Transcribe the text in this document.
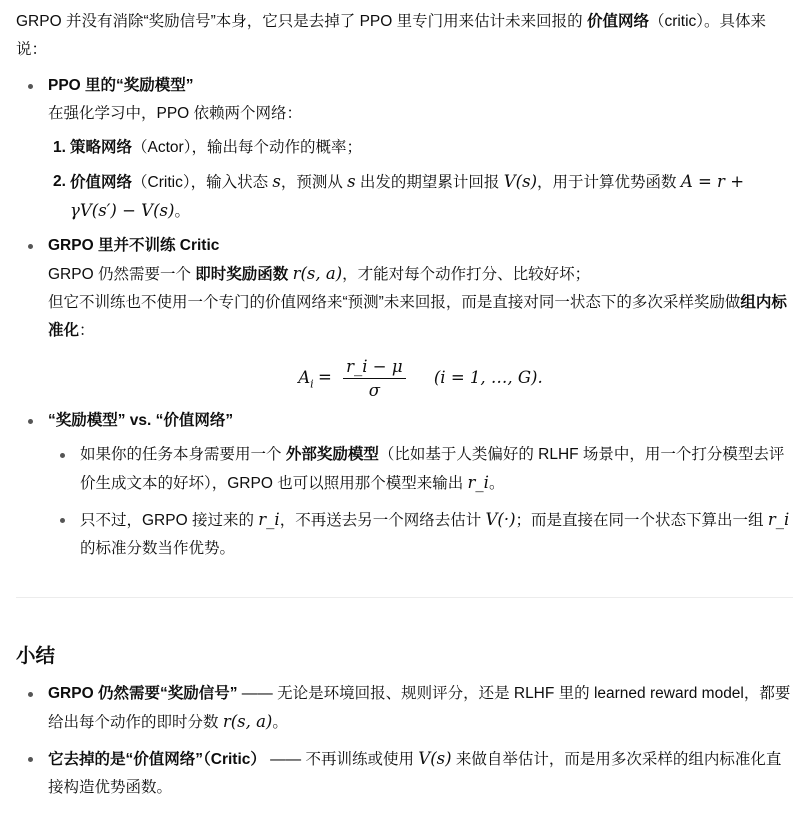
GRPO 并没有消除“奖励信号”本身，它只是去掉了 PPO 里专门用来估计未来回报的 价值网络（critic）。具体来说：

PPO 里的“奖励模型”
在强化学习中，PPO 依赖两个网络：
1. 策略网络（Actor），输出每个动作的概率；
2. 价值网络（Critic），输入状态 s，预测从 s 出发的期望累计回报 V(s)，用于计算优势函数 A = r + γV(s′) − V(s)。
GRPO 里并不训练 Critic
GRPO 仍然需要一个 即时奖励函数 r(s, a)，才能对每个动作打分、比较好坏；
但它不训练也不使用一个专门的价值网络来“预测”未来回报，而是直接对同一状态下的多次采样奖励做组内标准化：
$A_i = \frac{r\_i - \mu}{\sigma} (i = 1$, …, G).
“奖励模型” vs. “价值网络”
如果你的任务本身需要用一个 外部奖励模型（比如基于人类偏好的 RLHF 场景中，用一个打分模型去评价生成文本的好坏），GRPO 也可以照用那个模型来输出 r_i。
只不过，GRPO 接过来的 r_i，不再送去另一个网络去估计 V(·)；而是直接在同一个状态下算出一组 r_i 的标准分数当作优势。
小结
GRPO 仍然需要“奖励信号” —— 无论是环境回报、规则评分，还是 RLHF 里的 learned reward model，都要给出每个动作的即时分数 r(s, a)。
它去掉的是“价值网络”（Critic） —— 不再训练或使用 V(s) 来做自举估计，而是用多次采样的组内标准化直接构造优势函数。
